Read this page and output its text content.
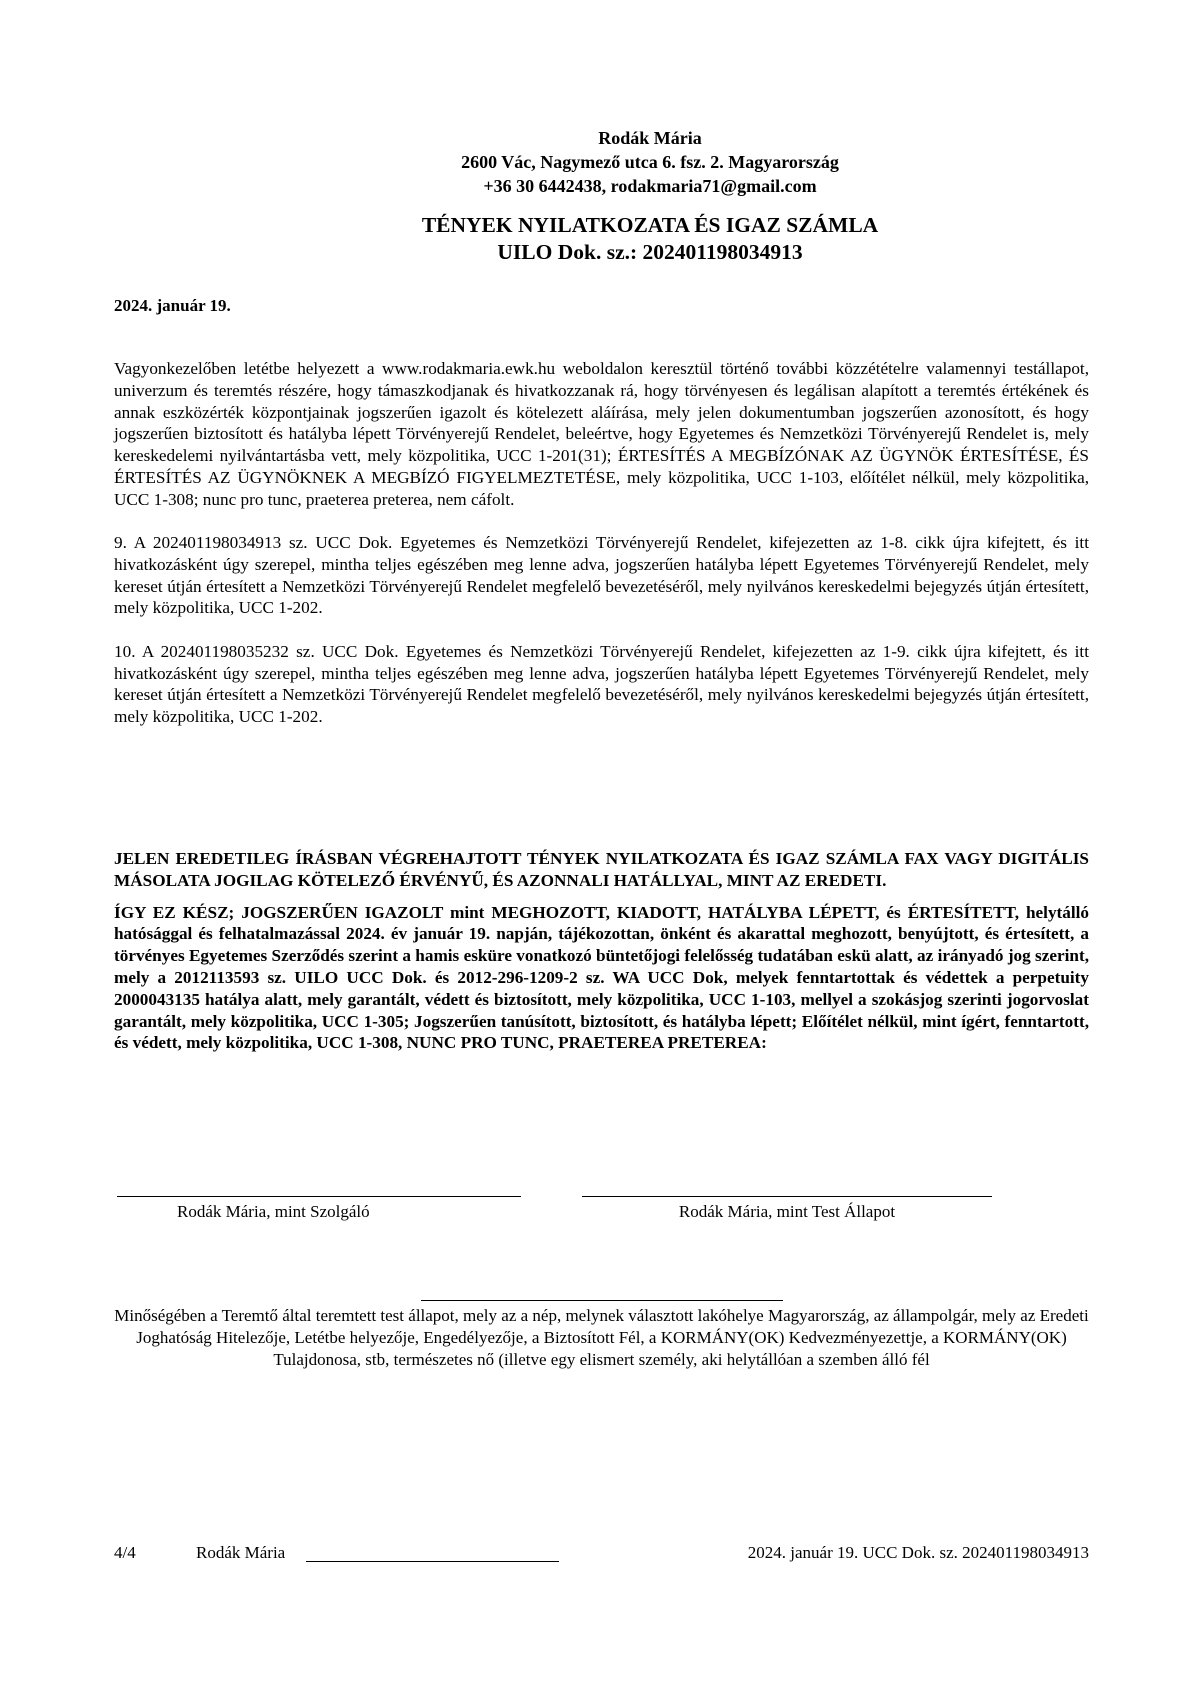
Rodák Mária
2600 Vác, Nagymező utca 6. fsz. 2. Magyarország
+36 30 6442438, rodakmaria71@gmail.com
TÉNYEK NYILATKOZATA ÉS IGAZ SZÁMLA
UILO Dok. sz.: 202401198034913
2024. január 19.

Vagyonkezelőben letétbe helyezett a www.rodakmaria.ewk.hu weboldalon keresztül történő további közzétételre valamennyi testállapot, univerzum és teremtés részére, hogy támaszkodjanak és hivatkozzanak rá, hogy törvényesen és legálisan alapított a teremtés értékének és annak eszközérték központjainak jogszerűen igazolt és kötelezett aláírása, mely jelen dokumentumban jogszerűen azonosított, és hogy jogszerűen biztosított és hatályba lépett Törvényerejű Rendelet, beleértve, hogy Egyetemes és Nemzetközi Törvényerejű Rendelet is, mely kereskedelemi nyilvántartásba vett, mely közpolitika, UCC 1-201(31); ÉRTESÍTÉS A MEGBÍZÓNAK AZ ÜGYNÖK ÉRTESÍTÉSE, ÉS ÉRTESÍTÉS AZ ÜGYNÖKNEK A MEGBÍZÓ FIGYELMEZTETÉSE, mely közpolitika, UCC 1-103, előítélet nélkül, mely közpolitika, UCC 1-308; nunc pro tunc, praeterea preterea, nem cáfolt.

9. A 202401198034913 sz. UCC Dok. Egyetemes és Nemzetközi Törvényerejű Rendelet, kifejezetten az 1-8. cikk újra kifejtett, és itt hivatkozásként úgy szerepel, mintha teljes egészében meg lenne adva, jogszerűen hatályba lépett Egyetemes Törvényerejű Rendelet, mely kereset útján értesített a Nemzetközi Törvényerejű Rendelet megfelelő bevezetéséről, mely nyilvános kereskedelmi bejegyzés útján értesített, mely közpolitika, UCC 1-202.

10. A 202401198035232 sz. UCC Dok. Egyetemes és Nemzetközi Törvényerejű Rendelet, kifejezetten az 1-9. cikk újra kifejtett, és itt hivatkozásként úgy szerepel, mintha teljes egészében meg lenne adva, jogszerűen hatályba lépett Egyetemes Törvényerejű Rendelet, mely kereset útján értesített a Nemzetközi Törvényerejű Rendelet megfelelő bevezetéséről, mely nyilvános kereskedelmi bejegyzés útján értesített, mely közpolitika, UCC 1-202.

JELEN EREDETILEG ÍRÁSBAN VÉGREHAJTOTT TÉNYEK NYILATKOZATA ÉS IGAZ SZÁMLA FAX VAGY DIGITÁLIS MÁSOLATA JOGILAG KÖTELEZŐ ÉRVÉNYŰ, ÉS AZONNALI HATÁLLYAL, MINT AZ EREDETI.

ÍGY EZ KÉSZ; JOGSZERŰEN IGAZOLT mint MEGHOZOTT, KIADOTT, HATÁLYBA LÉPETT, és ÉRTESÍTETT, helytálló hatósággal és felhatalmazással 2024. év január 19. napján, tájékozottan, önként és akarattal meghozott, benyújtott, és értesített, a törvényes Egyetemes Szerződés szerint a hamis esküre vonatkozó büntetőjogi felelősség tudatában eskü alatt, az irányadó jog szerint, mely a 2012113593 sz. UILO UCC Dok. és 2012-296-1209-2 sz. WA UCC Dok, melyek fenntartottak és védettek a perpetuity 2000043135 hatálya alatt, mely garantált, védett és biztosított, mely közpolitika, UCC 1-103, mellyel a szokásjog szerinti jogorvoslat garantált, mely közpolitika, UCC 1-305; Jogszerűen tanúsított, biztosított, és hatályba lépett; Előítélet nélkül, mint ígért, fenntartott, és védett, mely közpolitika, UCC 1-308, NUNC PRO TUNC, PRAETEREA PRETEREA:

Rodák Mária, mint Szolgáló	Rodák Mária, mint Test Állapot
Minőségében a Teremtő által teremtett test állapot, mely az a nép, melynek választott lakóhelye Magyarország, az állampolgár, mely az Eredeti Joghatóság Hitelezője, Letétbe helyezője, Engedélyezője, a Biztosított Fél, a KORMÁNY(OK) Kedvezményezettje, a KORMÁNY(OK) Tulajdonosa, stb, természetes nő (illetve egy elismert személy, aki helytállóan a szemben álló fél
4/4	Rodák Mária	2024. január 19. UCC Dok. sz. 202401198034913
